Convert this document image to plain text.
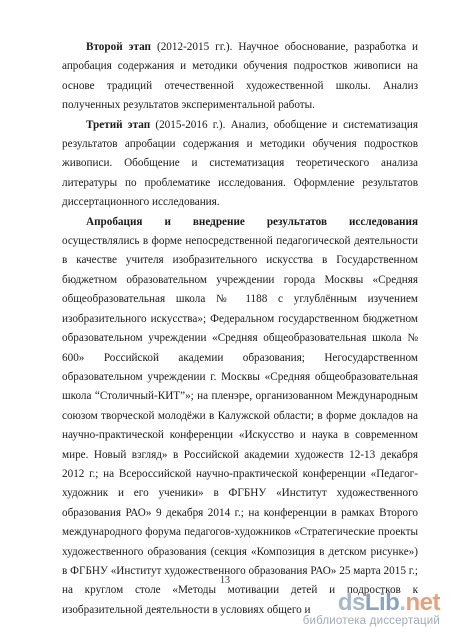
Второй этап (2012-2015 гг.). Научное обоснование, разработка и апробация содержания и методики обучения подростков живописи на основе традиций отечественной художественной школы. Анализ полученных результатов экспериментальной работы.

Третий этап (2015-2016 г.). Анализ, обобщение и систематизация результатов апробации содержания и методики обучения подростков живописи. Обобщение и систематизация теоретического анализа литературы по проблематике исследования. Оформление результатов диссертационного исследования.

Апробация и внедрение результатов исследования осуществлялись в форме непосредственной педагогической деятельности в качестве учителя изобразительного искусства в Государственном бюджетном образовательном учреждении города Москвы «Средняя общеобразовательная школа № 1188 с углублённым изучением изобразительного искусства»; Федеральном государственном бюджетном образовательном учреждении «Средняя общеобразовательная школа № 600» Российской академии образования; Негосударственном образовательном учреждении г. Москвы «Средняя общеобразовательная школа “Столичный-КИТ”»; на пленэре, организованном Международным союзом творческой молодёжи в Калужской области; в форме докладов на научно-практической конференции «Искусство и наука в современном мире. Новый взгляд» в Российской академии художеств 12-13 декабря 2012 г.; на Всероссийской научно-практической конференции «Педагог-художник и его ученики» в ФГБНУ «Институт художественного образования РАО» 9 декабря 2014 г.; на конференции в рамках Второго международного форума педагогов-художников «Стратегические проекты художественного образования (секция «Композиция в детском рисунке») в ФГБНУ «Институт художественного образования РАО» 25 марта 2015 г.; на круглом столе «Методы мотивации детей и подростков к изобразительной деятельности в условиях общего и

13
dsLib.net
библиотека диссертаций
